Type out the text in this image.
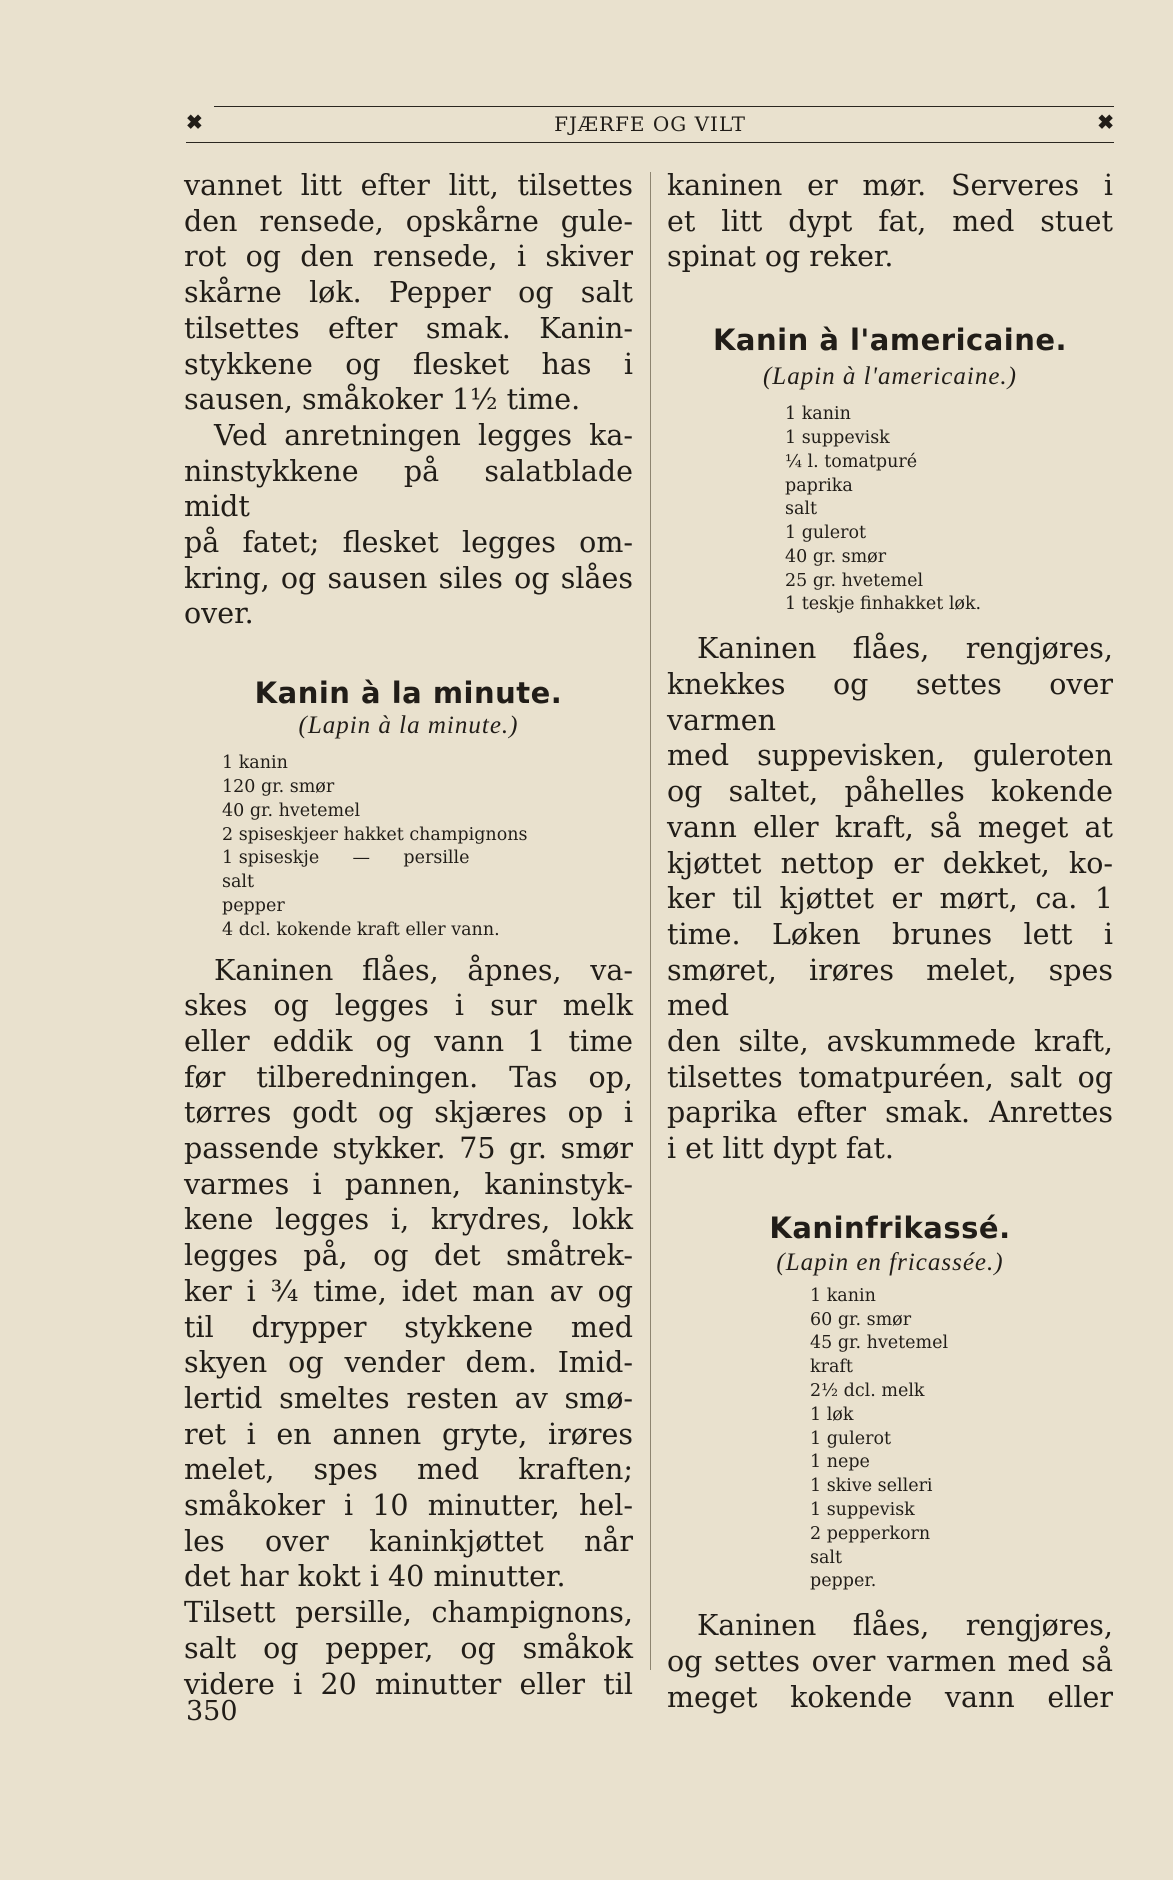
✖	FJÆRFE OG VILT	✖
vannet litt efter litt, tilsettes
den rensede, opskårne gule-
rot og den rensede, i skiver
skårne løk. Pepper og salt
tilsettes efter smak. Kanin-
stykkene og flesket has i
sausen, småkoker 1½ time.
Ved anretningen legges ka-
ninstykkene på salatblade midt
på fatet; flesket legges om-
kring, og sausen siles og slåes
over.
Kanin à la minute.
(Lapin à la minute.)
1 kanin
120 gr. smør
40 gr. hvetemel
2 spiseskjeer hakket champignons
1 spiseskje      —      persille
salt
pepper
4 dcl. kokende kraft eller vann.
Kaninen flåes, åpnes, va-
skes og legges i sur melk
eller eddik og vann 1 time
før tilberedningen. Tas op,
tørres godt og skjæres op i
passende stykker. 75 gr. smør
varmes i pannen, kaninstyk-
kene legges i, krydres, lokk
legges på, og det småtrek-
ker i ¾ time, idet man av og
til drypper stykkene med
skyen og vender dem. Imid-
lertid smeltes resten av smø-
ret i en annen gryte, irøres
melet, spes med kraften;
småkoker i 10 minutter, hel-
les over kaninkjøttet når
det har kokt i 40 minutter.
Tilsett persille, champignons,
salt og pepper, og småkok
videre i 20 minutter eller til
kaninen er mør. Serveres i
et litt dypt fat, med stuet
spinat og reker.
Kanin à l'americaine.
(Lapin à l'americaine.)
1 kanin
1 suppevisk
¼ l. tomatpuré
paprika
salt
1 gulerot
40 gr. smør
25 gr. hvetemel
1 teskje finhakket løk.
Kaninen flåes, rengjøres,
knekkes og settes over varmen
med suppevisken, guleroten
og saltet, påhelles kokende
vann eller kraft, så meget at
kjøttet nettop er dekket, ko-
ker til kjøttet er mørt, ca. 1
time. Løken brunes lett i
smøret, irøres melet, spes med
den silte, avskummede kraft,
tilsettes tomatpuréen, salt og
paprika efter smak. Anrettes
i et litt dypt fat.
Kaninfrikassé.
(Lapin en fricassée.)
1 kanin
60 gr. smør
45 gr. hvetemel
kraft
2½ dcl. melk
1 løk
1 gulerot
1 nepe
1 skive selleri
1 suppevisk
2 pepperkorn
salt
pepper.
Kaninen flåes, rengjøres,
og settes over varmen med så
meget kokende vann eller
350
